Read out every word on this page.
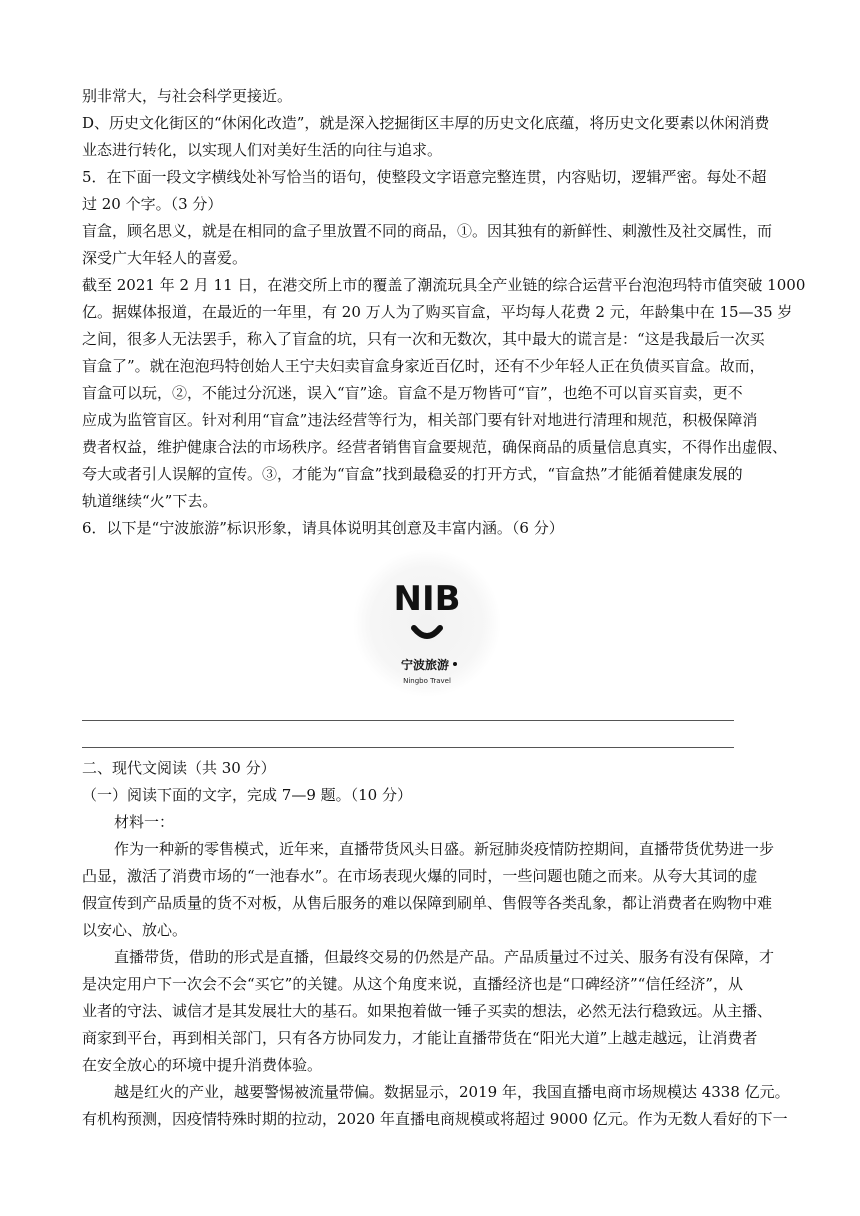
别非常大，与社会科学更接近。
D、历史文化街区的“休闲化改造”，就是深入挖掘街区丰厚的历史文化底蕴，将历史文化要素以休闲消费
业态进行转化，以实现人们对美好生活的向往与追求。
5．在下面一段文字横线处补写恰当的语句，使整段文字语意完整连贯，内容贴切，逻辑严密。每处不超
过 20 个字。（3 分）
盲盒，顾名思义，就是在相同的盒子里放置不同的商品，①。因其独有的新鲜性、刺激性及社交属性，而
深受广大年轻人的喜爱。
截至 2021 年 2 月 11 日，在港交所上市的覆盖了潮流玩具全产业链的综合运营平台泡泡玛特市值突破 1000
亿。据媒体报道，在最近的一年里，有 20 万人为了购买盲盒，平均每人花费 2 元，年龄集中在 15—35 岁
之间，很多人无法罢手，称入了盲盒的坑，只有一次和无数次，其中最大的谎言是：“这是我最后一次买
盲盒了”。就在泡泡玛特创始人王宁夫妇卖盲盒身家近百亿时，还有不少年轻人正在负债买盲盒。故而，
盲盒可以玩，②，不能过分沉迷，误入“盲”途。盲盒不是万物皆可“盲”，也绝不可以盲买盲卖，更不
应成为监管盲区。针对利用“盲盒”违法经营等行为，相关部门要有针对地进行清理和规范，积极保障消
费者权益，维护健康合法的市场秩序。经营者销售盲盒要规范，确保商品的质量信息真实，不得作出虚假、
夸大或者引人误解的宣传。③，才能为“盲盒”找到最稳妥的打开方式，“盲盒热”才能循着健康发展的
轨道继续“火”下去。
6．以下是“宁波旅游”标识形象，请具体说明其创意及丰富内涵。（6 分）
NIB
宁波旅游
Ningbo Travel
二、现代文阅读（共 30 分）
（一）阅读下面的文字，完成 7—9 题。（10 分）
材料一：
作为一种新的零售模式，近年来，直播带货风头日盛。新冠肺炎疫情防控期间，直播带货优势进一步
凸显，激活了消费市场的“一池春水”。在市场表现火爆的同时，一些问题也随之而来。从夸大其词的虚
假宣传到产品质量的货不对板，从售后服务的难以保障到刷单、售假等各类乱象，都让消费者在购物中难
以安心、放心。
直播带货，借助的形式是直播，但最终交易的仍然是产品。产品质量过不过关、服务有没有保障，才
是决定用户下一次会不会“买它”的关键。从这个角度来说，直播经济也是“口碑经济”“信任经济”，从
业者的守法、诚信才是其发展壮大的基石。如果抱着做一锤子买卖的想法，必然无法行稳致远。从主播、
商家到平台，再到相关部门，只有各方协同发力，才能让直播带货在“阳光大道”上越走越远，让消费者
在安全放心的环境中提升消费体验。
越是红火的产业，越要警惕被流量带偏。数据显示，2019 年，我国直播电商市场规模达 4338 亿元。
有机构预测，因疫情特殊时期的拉动，2020 年直播电商规模或将超过 9000 亿元。作为无数人看好的下一
